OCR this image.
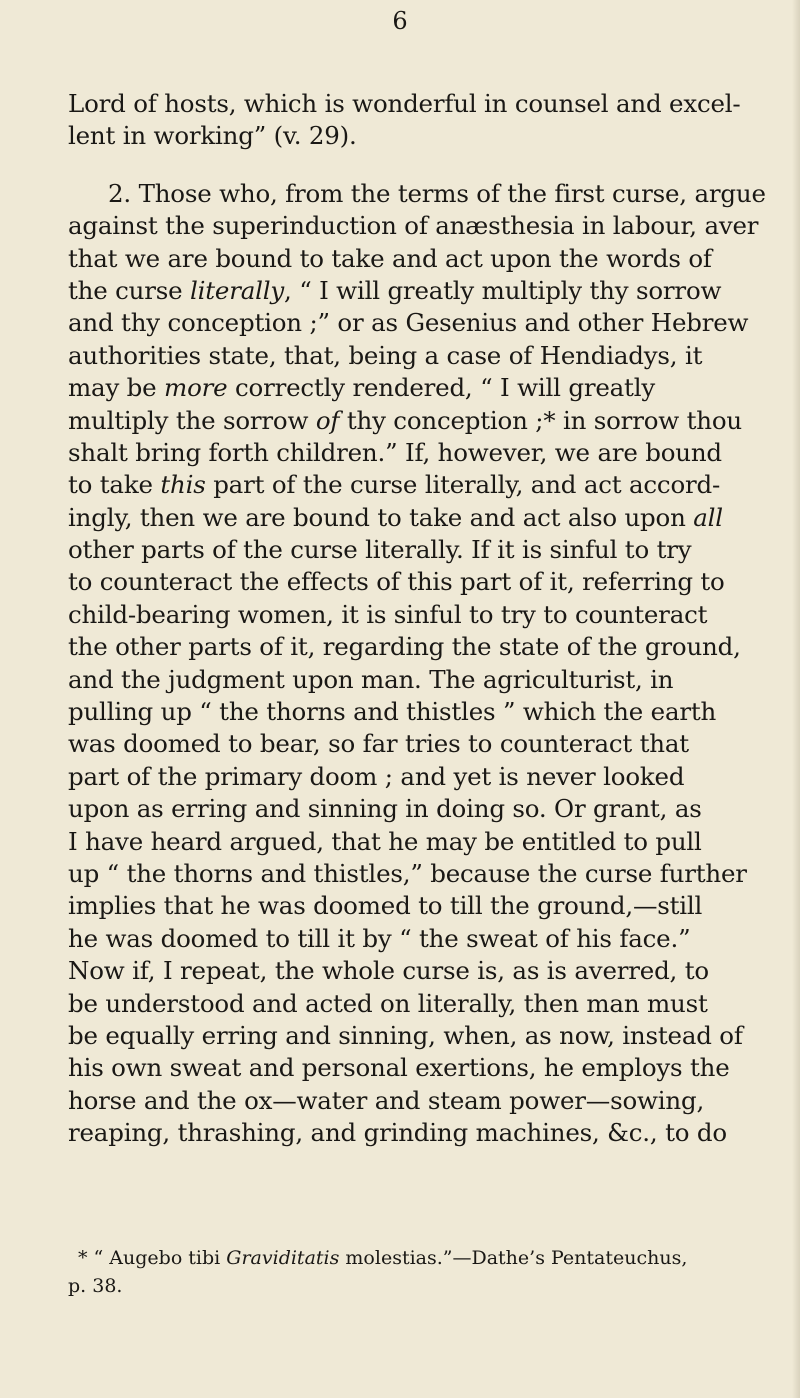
6
Lord of hosts, which is wonderful in counsel and excel-
lent in working” (v. 29).
2. Those who, from the terms of the first curse, argue
against the superinduction of anæsthesia in labour, aver
that we are bound to take and act upon the words of
the curse literally, “ I will greatly multiply thy sorrow
and thy conception ;” or as Gesenius and other Hebrew
authorities state, that, being a case of Hendiadys, it
may be more correctly rendered, “ I will greatly
multiply the sorrow of thy conception ;* in sorrow thou
shalt bring forth children.” If, however, we are bound
to take this part of the curse literally, and act accord-
ingly, then we are bound to take and act also upon all
other parts of the curse literally. If it is sinful to try
to counteract the effects of this part of it, referring to
child-bearing women, it is sinful to try to counteract
the other parts of it, regarding the state of the ground,
and the judgment upon man. The agriculturist, in
pulling up “ the thorns and thistles ” which the earth
was doomed to bear, so far tries to counteract that
part of the primary doom ; and yet is never looked
upon as erring and sinning in doing so. Or grant, as
I have heard argued, that he may be entitled to pull
up “ the thorns and thistles,” because the curse further
implies that he was doomed to till the ground,—still
he was doomed to till it by “ the sweat of his face.”
Now if, I repeat, the whole curse is, as is averred, to
be understood and acted on literally, then man must
be equally erring and sinning, when, as now, instead of
his own sweat and personal exertions, he employs the
horse and the ox—water and steam power—sowing,
reaping, thrashing, and grinding machines, &c., to do
* “ Augebo tibi Graviditatis molestias.”—Dathe’s Pentateuchus,
p. 38.
